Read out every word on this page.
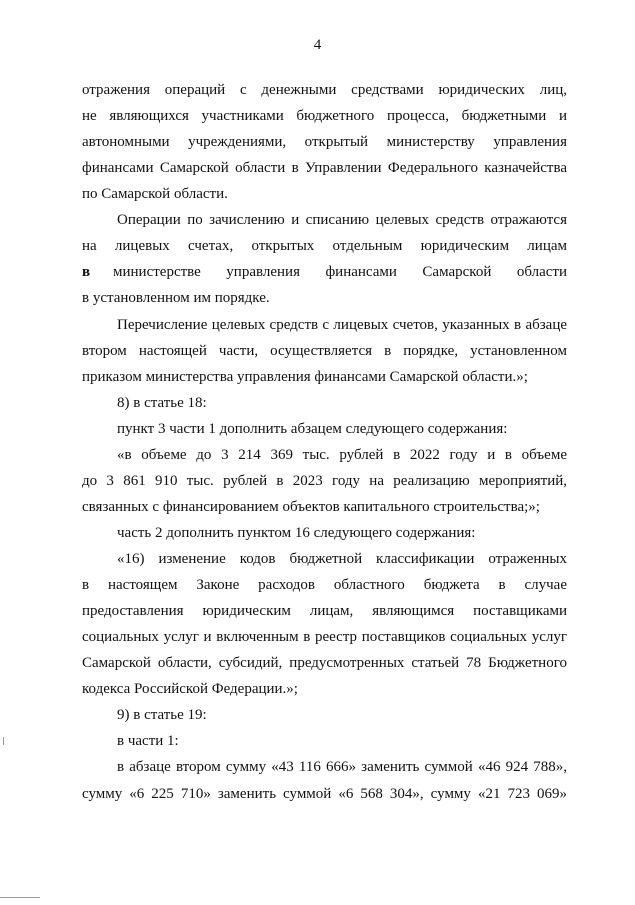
4
отражения операций с денежными средствами юридических лиц,
не являющихся участниками бюджетного процесса, бюджетными и
автономными учреждениями, открытый министерству управления
финансами Самарской области в Управлении Федерального казначейства
по Самарской области.
Операции по зачислению и списанию целевых средств отражаются
на лицевых счетах, открытых отдельным юридическим лицам
в	министерстве управления финансами Самарской области
в установленном им порядке.
Перечисление целевых средств с лицевых счетов, указанных в абзаце
втором настоящей части, осуществляется в порядке, установленном
приказом министерства управления финансами Самарской области.»;
8) в статье 18:
пункт 3 части 1 дополнить абзацем следующего содержания:
«в объеме до 3 214 369 тыс. рублей в 2022 году и в объеме
до 3 861 910 тыс. рублей в 2023 году на реализацию мероприятий,
связанных с финансированием объектов капитального строительства;»;
часть 2 дополнить пунктом 16 следующего содержания:
«16) изменение кодов бюджетной классификации отраженных
в настоящем Законе расходов областного бюджета в случае
предоставления юридическим лицам, являющимся поставщиками
социальных услуг и включенным в реестр поставщиков социальных услуг
Самарской области, субсидий, предусмотренных статьей 78 Бюджетного
кодекса Российской Федерации.»;
9) в статье 19:
в части 1:
в абзаце втором сумму «43 116 666» заменить суммой «46 924 788»,
сумму «6 225 710» заменить суммой «6 568 304», сумму «21 723 069»
